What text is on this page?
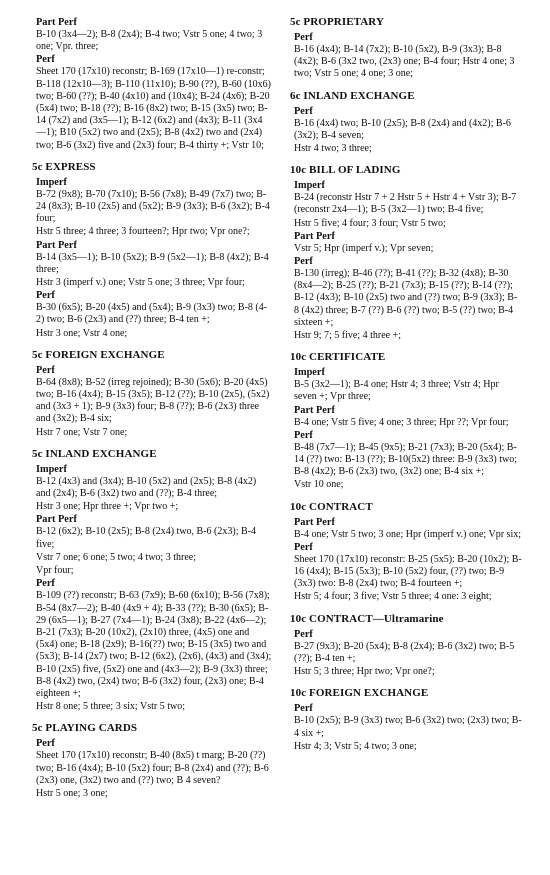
Part Perf
B-10 (3x4—2); B-8 (2x4); B-4 two; Vstr 5 one; 4 two; 3 one; Vpr. three;
Perf
Sheet 170 (17x10) reconstr; B-169 (17x10—1) re-constr; B-118 (12x10—3); B-110 (11x10); B-90 (??), B-60 (10x6) two; B-60 (??); B-40 (4x10) and (10x4); B-24 (4x6); B-20 (5x4) two; B-18 (??); B-16 (8x2) two; B-15 (3x5) two; B-14 (7x2) and (3x5—1); B-12 (6x2) and (4x3); B-11 (3x4—1); B10 (5x2) two and (2x5); B-8 (4x2) two and (2x4) two; B-6 (3x2) five and (2x3) four; B-4 thirty +; Vstr 10;
5c EXPRESS
Imperf
B-72 (9x8); B-70 (7x10); B-56 (7x8); B-49 (7x7) two; B-24 (8x3); B-10 (2x5) and (5x2); B-9 (3x3); B-6 (3x2); B-4 four;
Hstr 5 three; 4 three; 3 fourteen?; Hpr two; Vpr one?;
Part Perf
B-14 (3x5—1); B-10 (5x2); B-9 (5x2—1); B-8 (4x2); B-4 three;
Hstr 3 (imperf v.) one; Vstr 5 one; 3 three; Vpr four;
Perf
B-30 (6x5); B-20 (4x5) and (5x4); B-9 (3x3) two; B-8 (4-2) two; B-6 (2x3) and (??) three; B-4 ten +;
Hstr 3 one; Vstr 4 one;
5c FOREIGN EXCHANGE
Perf
B-64 (8x8); B-52 (irreg rejoined); B-30 (5x6); B-20 (4x5) two; B-16 (4x4); B-15 (3x5); B-12 (??); B-10 (2x5), (5x2) and (3x3 + 1); B-9 (3x3) four; B-8 (??); B-6 (2x3) three and (3x2); B-4 six;
Hstr 7 one; Vstr 7 one;
5c INLAND EXCHANGE
Imperf
B-12 (4x3) and (3x4); B-10 (5x2) and (2x5); B-8 (4x2) and (2x4); B-6 (3x2) two and (??); B-4 three;
Hstr 3 one; Hpr three +; Vpr two +;
Part Perf
B-12 (6x2); B-10 (2x5); B-8 (2x4) two, B-6 (2x3); B-4 five;
Vstr 7 one; 6 one; 5 two; 4 two; 3 three;
Vpr four;
Perf
B-109 (??) reconstr; B-63 (7x9); B-60 (6x10); B-56 (7x8); B-54 (8x7—2); B-40 (4x9 + 4); B-33 (??); B-30 (6x5); B-29 (6x5—1); B-27 (7x4—1); B-24 (3x8); B-22 (4x6—2); B-21 (7x3); B-20 (10x2), (2x10) three, (4x5) one and (5x4) one; B-18 (2x9); B-16(??) two; B-15 (3x5) two and (5x3); B-14 (2x7) two; B-12 (6x2), (2x6), (4x3) and (3x4); B-10 (2x5) five, (5x2) one and (4x3—2); B-9 (3x3) three; B-8 (4x2) two, (2x4) two; B-6 (3x2) four, (2x3) one; B-4 eighteen +;
Hstr 8 one; 5 three; 3 six; Vstr 5 two;
5c PLAYING CARDS
Perf
Sheet 170 (17x10) reconstr; B-40 (8x5) t marg; B-20 (??) two; B-16 (4x4); B-10 (5x2) four; B-8 (2x4) and (??); B-6 (2x3) one, (3x2) two and (??) two; B 4 seven?
Hstr 5 one; 3 one;
5c PROPRIETARY
Perf
B-16 (4x4); B-14 (7x2); B-10 (5x2), B-9 (3x3); B-8 (4x2); B-6 (3x2 two, (2x3) one; B-4 four; Hstr 4 one; 3 two; Vstr 5 one; 4 one; 3 one;
6c INLAND EXCHANGE
Perf
B-16 (4x4) two; B-10 (2x5); B-8 (2x4) and (4x2); B-6 (3x2); B-4 seven;
Hstr 4 two; 3 three;
10c BILL OF LADING
Imperf
B-24 (reconstr Hstr 7 + 2 Hstr 5 + Hstr 4 + Vstr 3); B-7 (reconstr 2x4—1); B-5 (3x2—1) two; B-4 five;
Hstr 5 five; 4 four; 3 four; Vstr 5 two;
Part Perf
Vstr 5; Hpr (imperf v.); Vpr seven;
Perf
B-130 (irreg); B-46 (??); B-41 (??); B-32 (4x8); B-30 (8x4—2); B-25 (??); B-21 (7x3); B-15 (??); B-14 (??); B-12 (4x3); B-10 (2x5) two and (??) two; B-9 (3x3); B-8 (4x2) three; B-7 (??) B-6 (??) two; B-5 (??) two; B-4 sixteen +;
Hstr 9; 7; 5 five; 4 three +;
10c CERTIFICATE
Imperf
B-5 (3x2—1); B-4 one; Hstr 4; 3 three; Vstr 4; Hpr seven +; Vpr three;
Part Perf
B-4 one; Vstr 5 five; 4 one; 3 three; Hpr ??; Vpr four;
Perf
B-48 (7x7—1); B-45 (9x5); B-21 (7x3); B-20 (5x4); B-14 (??) two: B-13 (??); B-10(5x2) three: B-9 (3x3) two; B-8 (4x2); B-6 (2x3) two, (3x2) one; B-4 six +;
Vstr 10 one;
10c CONTRACT
Part Perf
B-4 one; Vstr 5 two; 3 one; Hpr (imperf v.) one; Vpr six;
Perf
Sheet 170 (17x10) reconstr: B-25 (5x5): B-20 (10x2); B-16 (4x4); B-15 (5x3); B-10 (5x2) four, (??) two; B-9 (3x3) two: B-8 (2x4) two; B-4 fourteen +;
Hstr 5; 4 four; 3 five; Vstr 5 three; 4 one: 3 eight;
10c CONTRACT—Ultramarine
Perf
B-27 (9x3); B-20 (5x4); B-8 (2x4); B-6 (3x2) two; B-5 (??); B-4 ten +;
Hstr 5; 3 three; Hpr two; Vpr one?;
10c FOREIGN EXCHANGE
Perf
B-10 (2x5); B-9 (3x3) two; B-6 (3x2) two; (2x3) two; B-4 six +;
Hstr 4; 3; Vstr 5; 4 two; 3 one;
